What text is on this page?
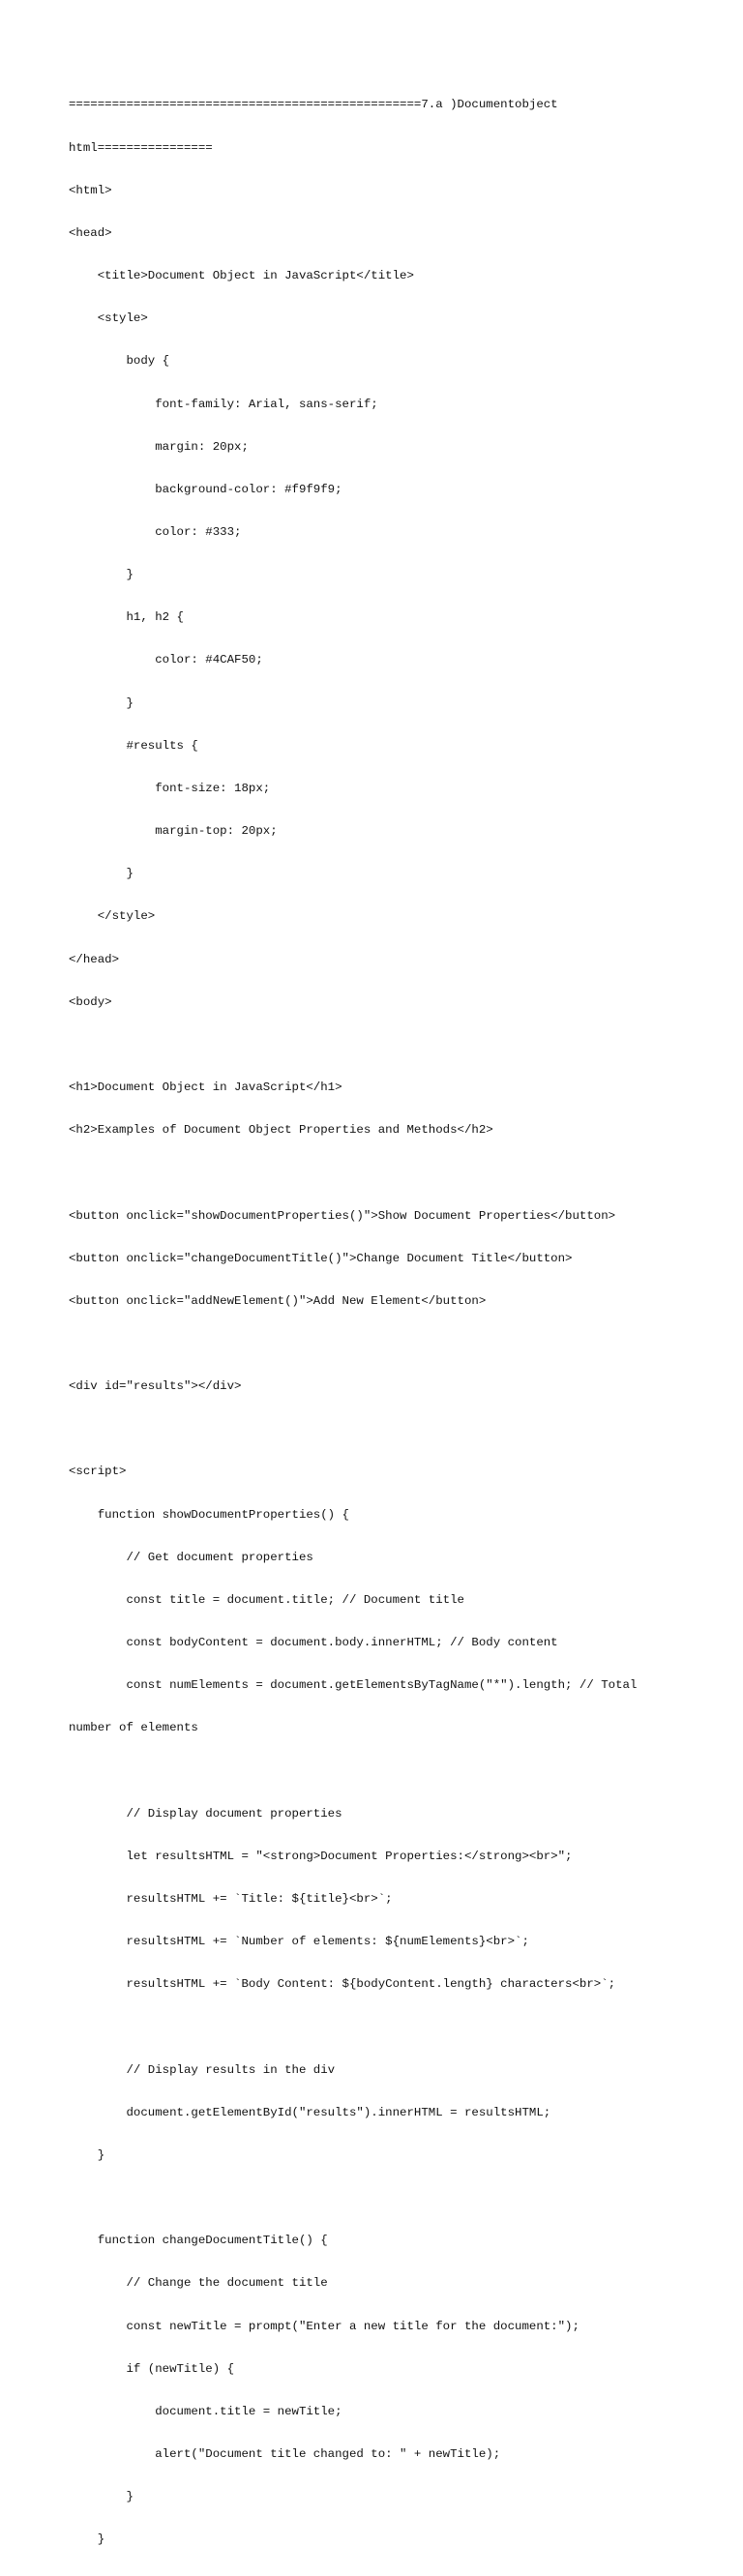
=================================================7.a )Documentobject

html================

<html>

<head>

<title>Document Object in JavaScript</title>

<style>

body {

font-family: Arial, sans-serif;

margin: 20px;

background-color: #f9f9f9;

color: #333;

}

h1, h2 {

color: #4CAF50;

}

#results {

font-size: 18px;

margin-top: 20px;

}

</style>

</head>

<body>

<h1>Document Object in JavaScript</h1>

<h2>Examples of Document Object Properties and Methods</h2>

<button onclick="showDocumentProperties()">Show Document Properties</button>

<button onclick="changeDocumentTitle()">Change Document Title</button>

<button onclick="addNewElement()">Add New Element</button>

<div id="results"></div>

<script>

function showDocumentProperties() {

// Get document properties

const title = document.title; // Document title

const bodyContent = document.body.innerHTML; // Body content

const numElements = document.getElementsByTagName("*").length; // Total

number of elements

// Display document properties

let resultsHTML = "<strong>Document Properties:</strong><br>";

resultsHTML += `Title: ${title}<br>`;

resultsHTML += `Number of elements: ${numElements}<br>`;

resultsHTML += `Body Content: ${bodyContent.length} characters<br>`;

// Display results in the div

document.getElementById("results").innerHTML = resultsHTML;

}

function changeDocumentTitle() {

// Change the document title

const newTitle = prompt("Enter a new title for the document:");

if (newTitle) {

document.title = newTitle;

alert("Document title changed to: " + newTitle);

}

}
